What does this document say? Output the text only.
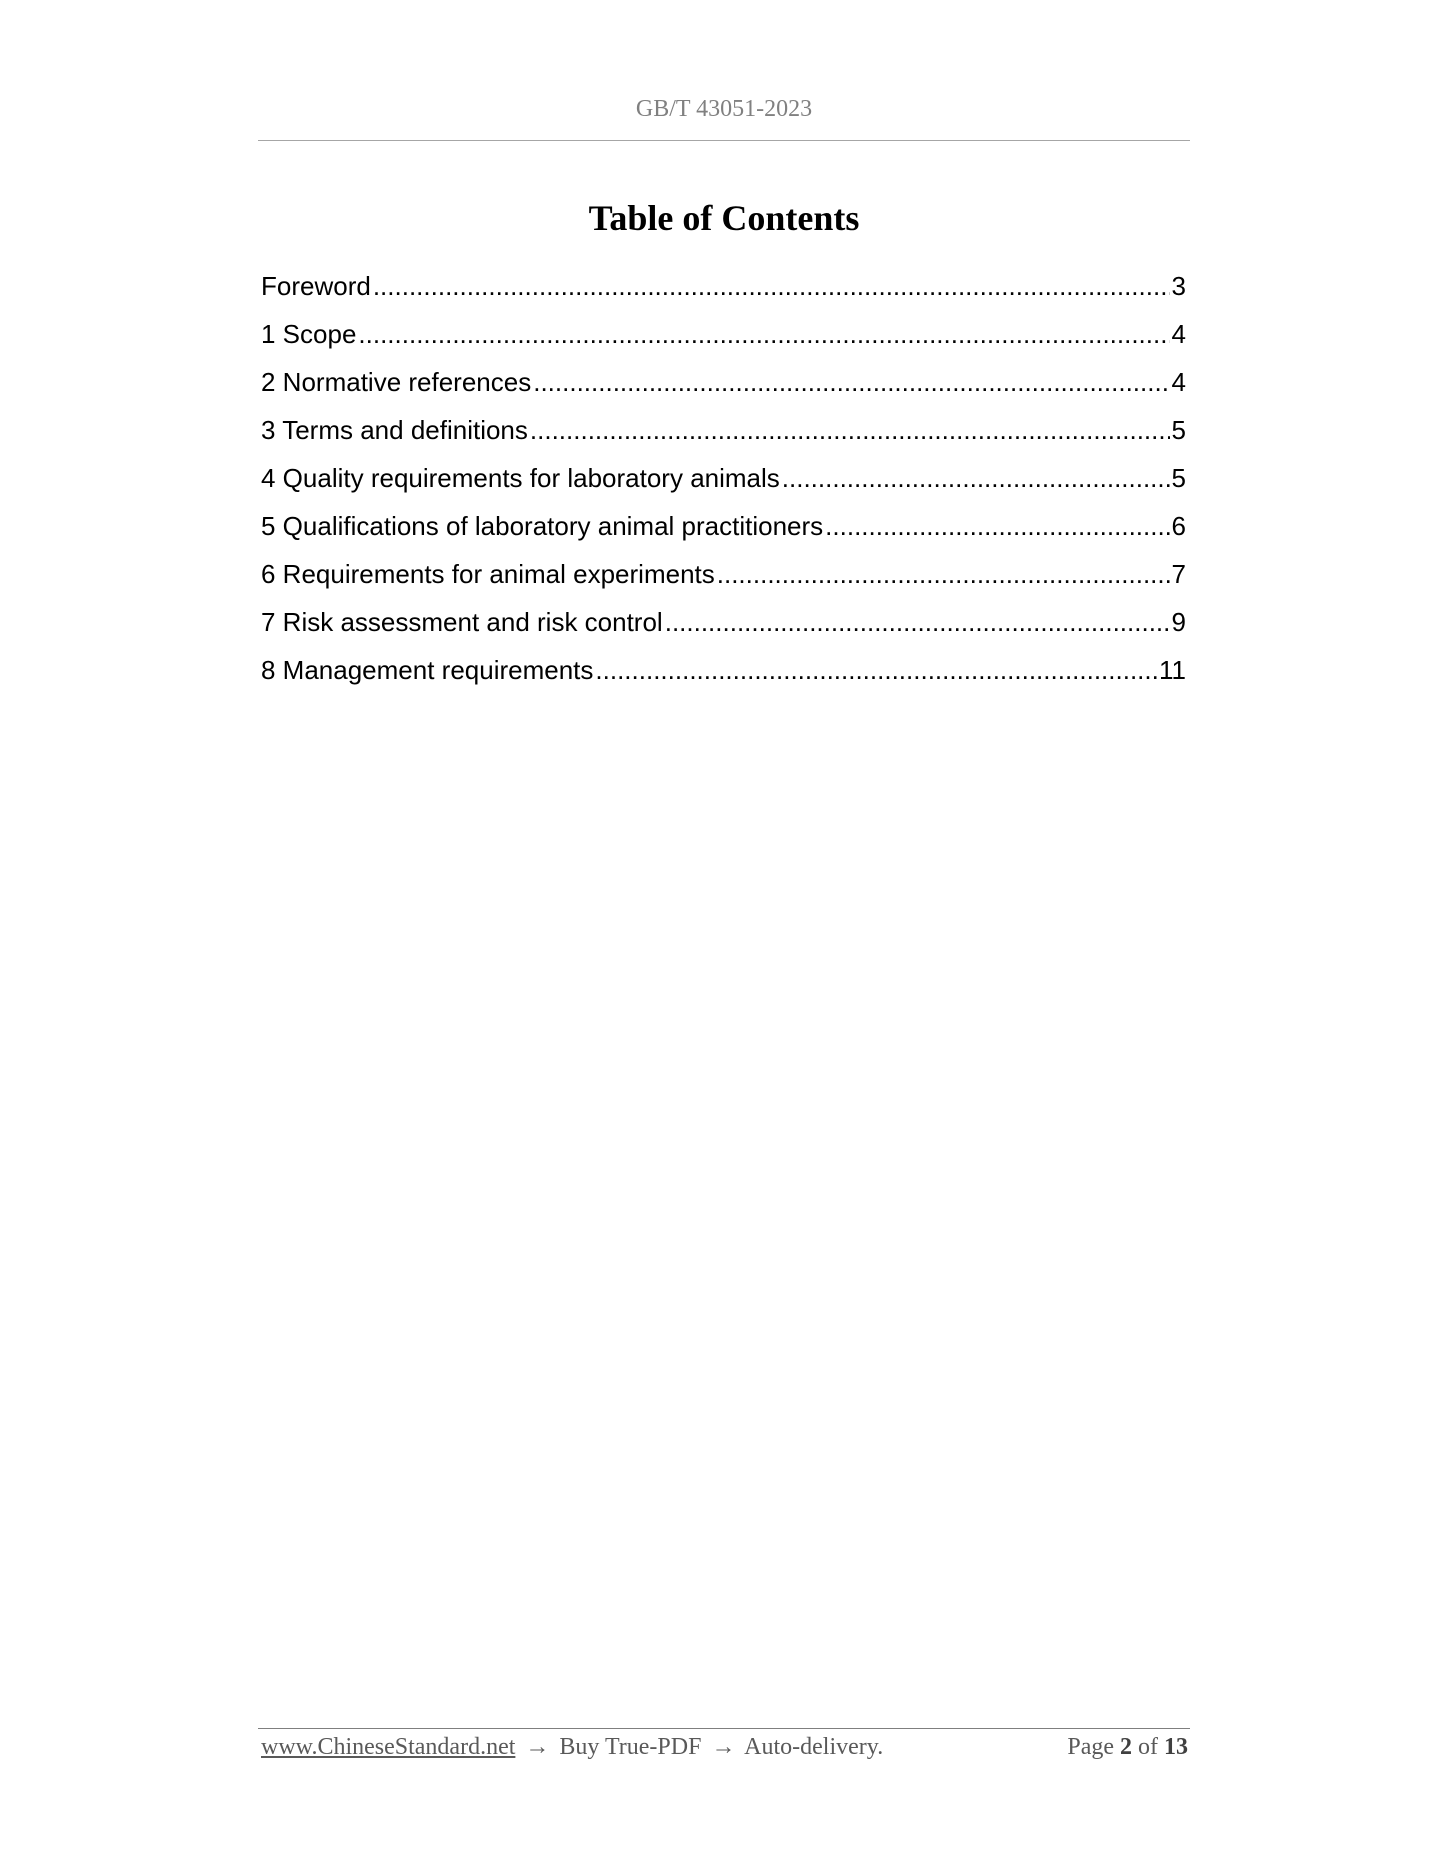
GB/T 43051-2023
Table of Contents
Foreword .....	3
1 Scope .....	4
2 Normative references .....	4
3 Terms and definitions .....	5
4 Quality requirements for laboratory animals .....	5
5 Qualifications of laboratory animal practitioners .....	6
6 Requirements for animal experiments .....	7
7 Risk assessment and risk control .....	9
8 Management requirements .....	11
www.ChineseStandard.net → Buy True-PDF → Auto-delivery.	Page 2 of 13
